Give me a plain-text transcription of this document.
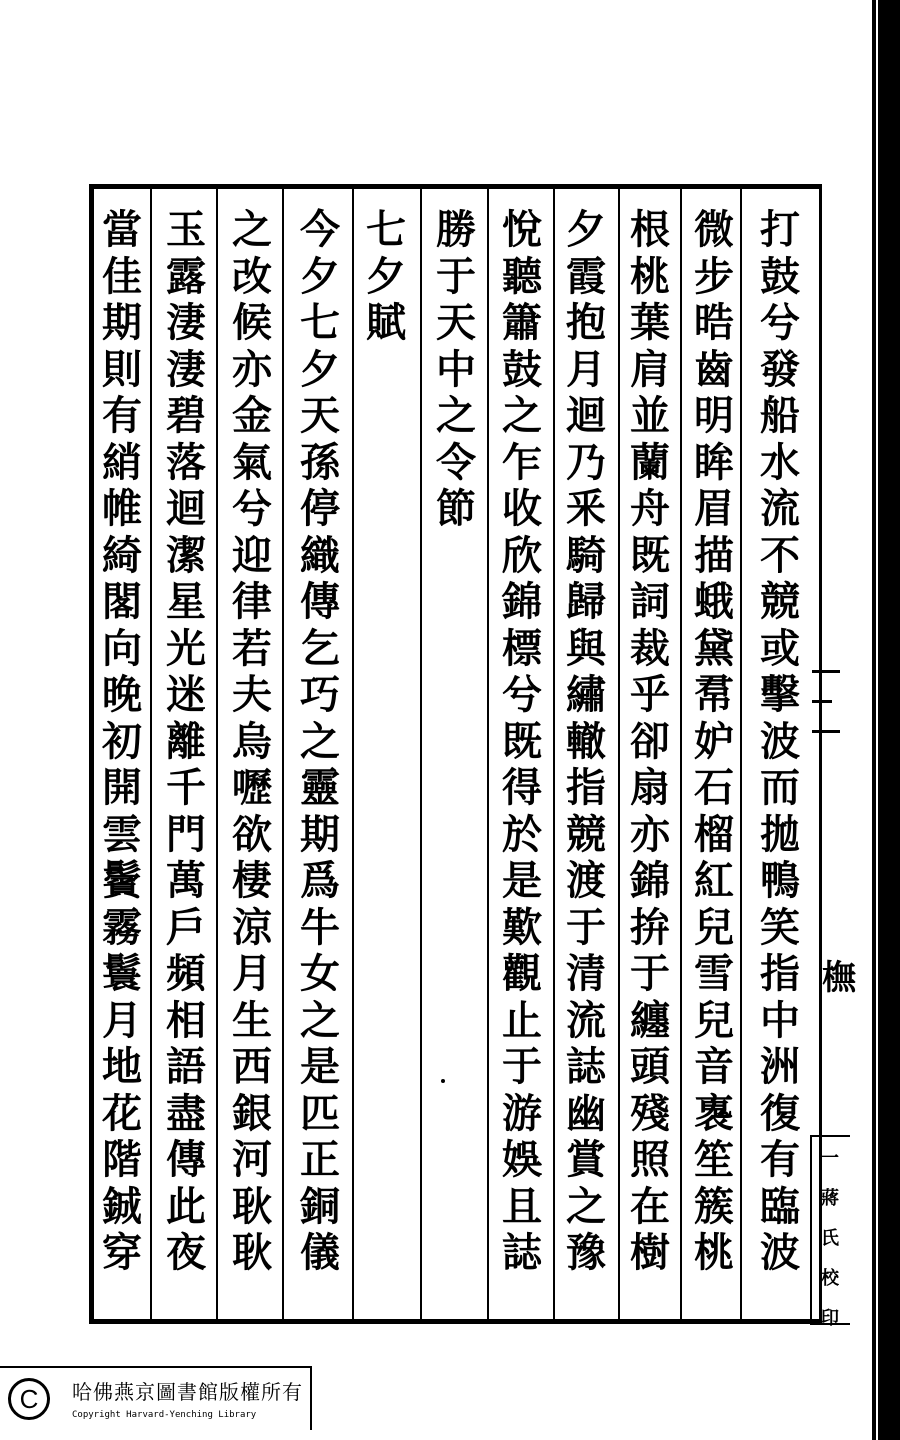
打
鼓
兮
發
船
水
流
不
競
或
擊
波
而
拋
鴨
笑
指
中
洲
復
有
臨
波
微
步
晧
齒
明
眸
眉
描
蛾
黛
帬
妒
石
榴
紅
兒
雪
兒
音
褢
笙
簇
桃
根
桃
葉
肩
並
蘭
舟
既
詞
裁
乎
卻
扇
亦
錦
拚
于
纏
頭
殘
照
在
樹
夕
霞
抱
月
迴
乃
釆
騎
歸
與
繡
轍
指
競
渡
于
清
流
誌
幽
賞
之
豫
悅
聽
簫
鼓
之
乍
收
欣
錦
標
兮
既
得
於
是
歎
觀
止
于
游
娛
且
誌
勝
于
天
中
之
令
節
七
夕
賦
今
夕
七
夕
天
孫
停
織
傳
乞
巧
之
靈
期
爲
牛
女
之
是
匹
正
銅
儀
之
改
候
亦
金
氣
兮
迎
律
若
夫
烏
嚦
欲
棲
涼
月
生
西
銀
河
耿
耿
玉
露
淒
淒
碧
落
迴
潔
星
光
迷
離
千
門
萬
戶
頻
相
語
盡
傳
此
夜
當
佳
期
則
有
綃
帷
綺
閣
向
晚
初
開
雲
鬢
霧
鬟
月
地
花
階
鋮
穿
橅
一
蔣
氏
校
印
C	哈佛燕京圖書館版權所有
Copyright Harvard-Yenching Library
